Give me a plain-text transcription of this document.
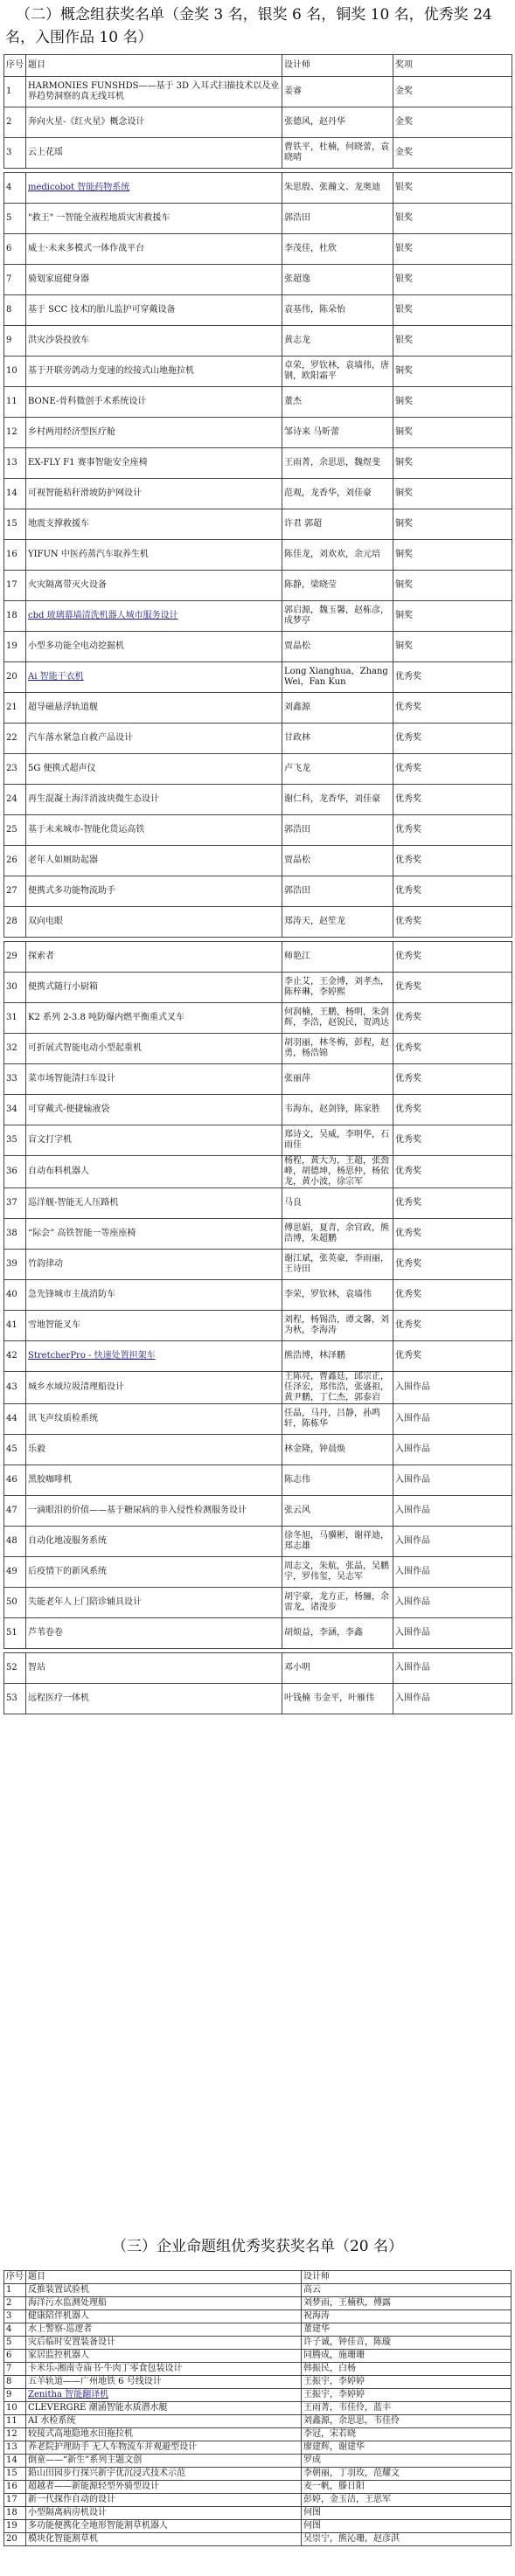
（二）概念组获奖名单（金奖 3 名，银奖 6 名，铜奖 10 名，优秀奖 24 名，入围作品 10 名）
序号	题目	设计师	奖项
1	HARMONIES FUNSHDS——基于 3D 入耳式扫描技术以及业界趋势洞察的真无线耳机	姜睿	金奖
2	奔向火星-《红火星》概念设计	张德风，赵丹华	金奖
3	云上花瑶	曹铁平，杜楠，何晓蕾，袁晓晴	金奖

4	medicobot 智能药物系统	朱思殷、张瀚文、龙奥迪	银奖
5	"救王" 一智能全液程地质灾害救援车	郭浩田	银奖
6	威士·未来多模式一体作战平台	李茂佳，杜欣	银奖
7	骑划家庭健身器	张超逸	银奖
8	基于 SCC 技术的胎儿监护可穿戴设备	袁基伟，陈朵怡	银奖
9	洪灾沙袋投放车	黄志龙	银奖
10	基于开联旁鸽动力变速的绞接式山地拖拉机	卓荣，罗钦林，袁墙伟，唐钢，欧阳霜平	铜奖
11	BONE-骨科微创手术系统设计	董杰	铜奖
12	乡村两用经济型医疗舱	邹诗来 马昕蕾	铜奖
13	EX-FLY F1 赛事智能安全座椅	王雨菁，余思思，魏煜斐	铜奖
14	可视智能秸秆滑坡防护网设计	范观，龙香华，刘佳豪	铜奖
15	地震支撑救援车	许君 郭超	铜奖
16	YIFUN 中医药蒸汽车取养生机	陈佳龙，刘欢欢，余元培	铜奖
17	火灾隔离带灭火设备	陈静，梁晓莹	铜奖
18	cbd 玻璃幕墙清洗机器人城市服务设计	郭启源，魏玉馨，赵栋彦，成梦亭	铜奖
19	小型多功能全电动挖掘机	贾晶松	铜奖
20	Ai 智能干衣机	Long Xianghua，Zhang Wei，Fan Kun	优秀奖
21	超导磁悬浮轨道舰	刘鑫源	优秀奖
22	汽车落水紧急自救产品设计	甘政林	优秀奖
23	5G 便携式超声仪	卢飞龙	优秀奖
24	再生混凝土海洋消波块微生态设计	谢仁科，龙香华，刘佳豪	优秀奖
25	基于未来城市-智能化货运高铁	郭浩田	优秀奖
26	老年人如厕助起器	贾晶松	优秀奖
27	便携式多功能物流助手	郭浩田	优秀奖
28	双向电眼	郑涛天，赵笙龙	优秀奖

29	探索者	师艳江	优秀奖
30	便携式随行小厨箱	李止艾，王金博，刘孝杰，陈梓琳，李婷熙	优秀奖
31	K2 系列 2-3.8 吨防爆内燃平衡重式叉车	何润楠，王鹏，杨明，朱剑辉，李浩，赵锐民，贺鸿达	优秀奖
32	可折展式智能电动小型起重机	胡羽丽，林冬梅，彭程，赵勇，杨浩锦	优秀奖
33	菜市场智能清扫车设计	张丽萍	优秀奖
34	可穿戴式-便捷输液袋	韦海东，赵剑锋，陈家胜	优秀奖
35	盲文打字机	郑诗文，吴威，李明华，石雨佳	优秀奖
36	自动布料机器人	杨程，黄大为，王超，张劲峰，胡德坤，杨思仲，杨依龙，黄小波，徐宗军	优秀奖
37	巡洋舰-智能无人压路机	马良	优秀奖
38	“际会” 高铁智能一等座座椅	傅思娟，夏青，余官政，熊浩博，朱超鹏	优秀奖
39	竹韵律动	谢江斌，张英豪，李雨丽，王诗田	优秀奖
40	急先锋城市主战消防车	李荣，罗钦林，袁墙伟	优秀奖
41	雪地智能叉车	刘程，杨锡浩，谭文馨，刘为秋，李海涛	优秀奖
42	StretcherPro - 快速处置担架车	熊浩博，林泽鹏	优秀奖
43	城乡水域垃圾清理船设计	王陈亮，曹鑫廷，邱宗正，任泽宏，郑伟浩，张盛祖，黄尹鹏，丁仁杰，郭泰岩	入围作品
44	讯飞声纹质检系统	任晶，马丹，吕静，孙鸣轩，陈栋华	入围作品
45	乐毅	林金隆，钟晨焕	入围作品
46	黑胶咖啡机	陈志伟	入围作品
47	一滴眼泪的价值——基于糖尿病的非入侵性检测服务设计	张云风	入围作品
48	自动化地凌服务系统	徐冬旭，马骥彬，谢祥迪，郑志雄	入围作品
49	后疫情下的新风系统	周志文，朱航，张晶，吴鹏宇，罗伟玺，吴志军	入围作品
50	失能老年人上门陪诊辅具设计	胡宇豪，龙方正，杨骊，余雷龙，诸浚步	入围作品
51	芦苇卷卷	胡烦益，李涵，李鑫	入围作品

52	智站	邓小明	入围作品
53	远程医疗一体机	叶钱楠 韦金平，叶雁伟	入围作品
（三）企业命题组优秀奖获奖名单（20 名）
序号	题目	设计师
1	反推装置试验机	高云
2	海洋污水监测处理船	刘梦雨，王楠秩，傅露
3	健康陪伴机器人	祝海涛
4	水上警察-巡逻者	董建华
5	灾后临时安置装备设计	许子诚，钟佳音，陈璇
6	家居监控机器人	同腾成，施珊珊
7	卡米乐-湘南寺庙书·牛肉丁零食包装设计	韩振民，白杨
8	五羊轨道——广州地铁 6 号线设计	王振宇，李婷婷
9	Zenitha 智能翻译机	王振宇，李婷婷
10	CLEVERGRE 潮涌智能水质潜水艇	王雨菁，韦佳伶，蓝丰
11	AI 水检系统	刘鑫源，余思思，韦佳伶
12	较接式高地隐地水田拖拉机	李冠，宋若晓
13	养老院护理助手 无人车物流车并观避型设计	廖建辉，谢建华
14	倒童——“新生”系列主题文创	罗成
15	鉛山田园步行探兴新宇优沉浸式技术示范	李朝丽，丁羽玫，范耀文
16	超越者——新能源轻型外骑型设计	麦一帆，滕日阳
17	新一代探作自动的设计	彭婷，金玉洁，王思军
18	小型隔离病房机设计	何图
19	多功能便携化全地形智能割草机器人	何图
20	模块化智能割草机	吴崇宁，熊沁珊，赵彦淇
